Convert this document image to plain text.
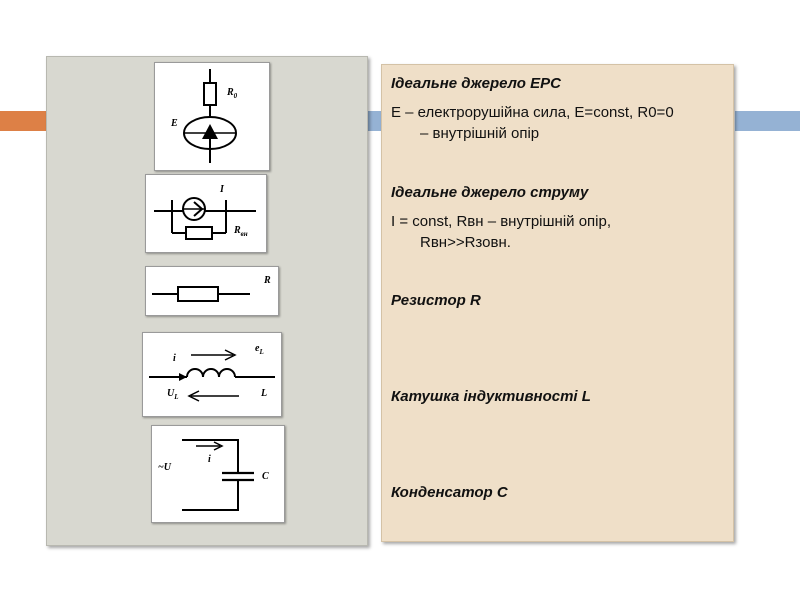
$R_0$
E
I
$R_{вн}$
R
i
$e_L$
$U_L$	L
~U
i
C

Ідеальне джерело ЕРС

E – електрорушійна сила, E=const, R0=0

– внутрішній опір

Ідеальне джерело струму

I = const, Rвн – внутрішній опір,

Rвн>>Rзовн.

Резистор R

Катушка індуктивності L

Конденсатор С
